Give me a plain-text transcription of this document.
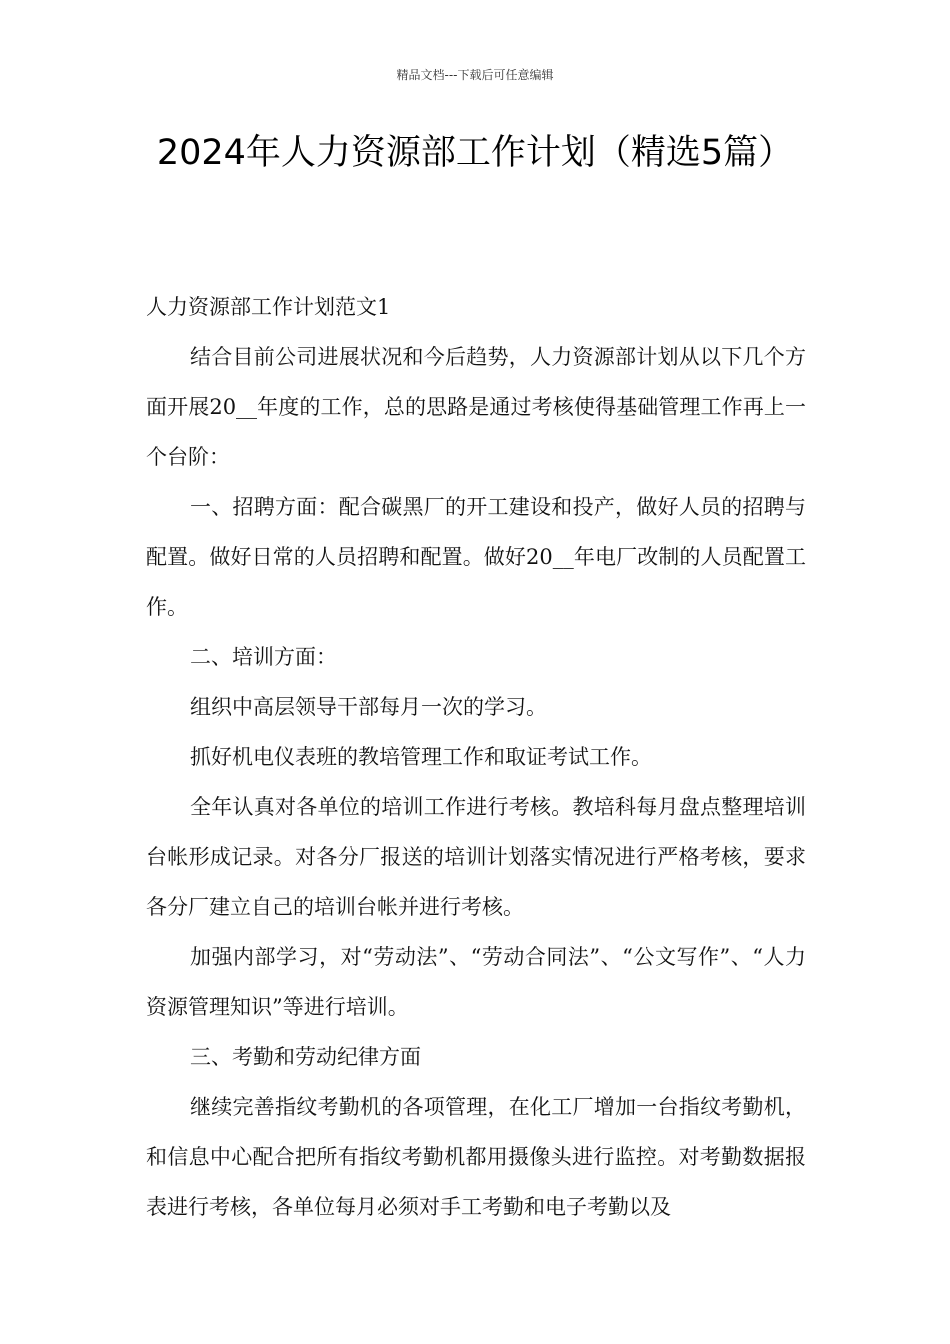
精品文档---下载后可任意编辑
2024年人力资源部工作计划（精选5篇）

人力资源部工作计划范文1

结合目前公司进展状况和今后趋势，人力资源部计划从以下几个方面开展20__年度的工作，总的思路是通过考核使得基础管理工作再上一个台阶：

一、招聘方面：配合碳黑厂的开工建设和投产，做好人员的招聘与配置。做好日常的人员招聘和配置。做好20__年电厂改制的人员配置工作。

二、培训方面：

组织中高层领导干部每月一次的学习。

抓好机电仪表班的教培管理工作和取证考试工作。

全年认真对各单位的培训工作进行考核。教培科每月盘点整理培训台帐形成记录。对各分厂报送的培训计划落实情况进行严格考核，要求各分厂建立自己的培训台帐并进行考核。

加强内部学习，对“劳动法”、“劳动合同法”、“公文写作”、“人力资源管理知识”等进行培训。

三、考勤和劳动纪律方面

继续完善指纹考勤机的各项管理，在化工厂增加一台指纹考勤机，和信息中心配合把所有指纹考勤机都用摄像头进行监控。对考勤数据报表进行考核，各单位每月必须对手工考勤和电子考勤以及
